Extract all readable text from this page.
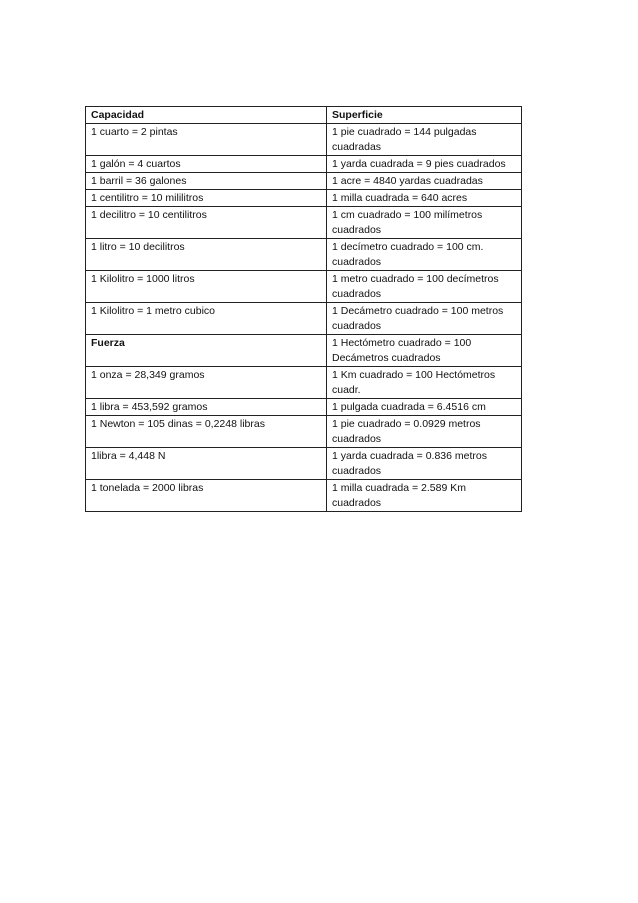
Capacidad	Superficie
1 cuarto = 2 pintas	1 pie cuadrado = 144 pulgadas cuadradas
1 galón = 4 cuartos	1 yarda cuadrada = 9 pies cuadrados
1 barril = 36 galones	1 acre = 4840 yardas cuadradas
1 centilitro = 10 mililitros	1 milla cuadrada = 640 acres
1 decilitro = 10 centilitros	1 cm cuadrado = 100 milímetros cuadrados
1 litro = 10 decilitros	1 decímetro cuadrado = 100 cm. cuadrados
1 Kilolitro = 1000 litros	1 metro cuadrado = 100 decímetros cuadrados
1 Kilolitro = 1 metro cubico	1 Decámetro cuadrado = 100 metros cuadrados
Fuerza	1 Hectómetro cuadrado = 100 Decámetros cuadrados
1 onza = 28,349 gramos	1 Km cuadrado = 100 Hectómetros cuadr.
1 libra = 453,592 gramos	1 pulgada cuadrada = 6.4516 cm
1 Newton = 105 dinas = 0,2248 libras	1 pie cuadrado = 0.0929 metros cuadrados
1libra = 4,448 N	1 yarda cuadrada = 0.836 metros cuadrados
1 tonelada = 2000 libras	1 milla cuadrada = 2.589 Km cuadrados
